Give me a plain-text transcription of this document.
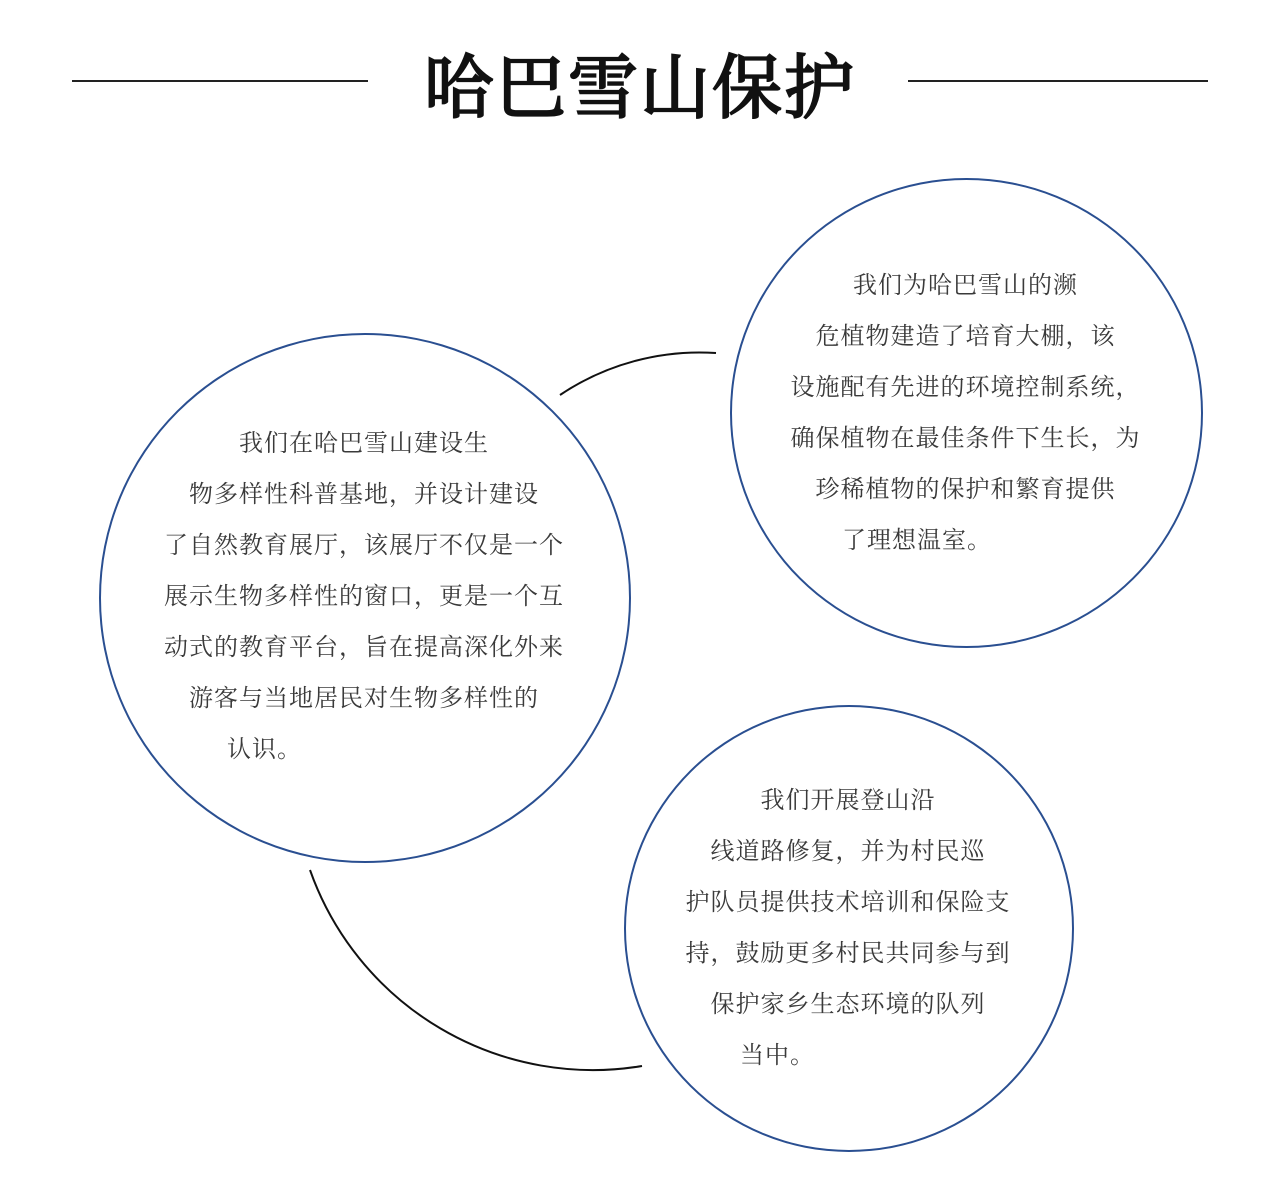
哈巴雪山保护
我们在哈巴雪山建设生
物多样性科普基地，并设计建设
了自然教育展厅，该展厅不仅是一个
展示生物多样性的窗口，更是一个互
动式的教育平台，旨在提高深化外来
游客与当地居民对生物多样性的
认识。
我们为哈巴雪山的濒
危植物建造了培育大棚，该
设施配有先进的环境控制系统，
确保植物在最佳条件下生长，为
珍稀植物的保护和繁育提供
了理想温室。
我们开展登山沿
线道路修复，并为村民巡
护队员提供技术培训和保险支
持，鼓励更多村民共同参与到
保护家乡生态环境的队列
当中。
